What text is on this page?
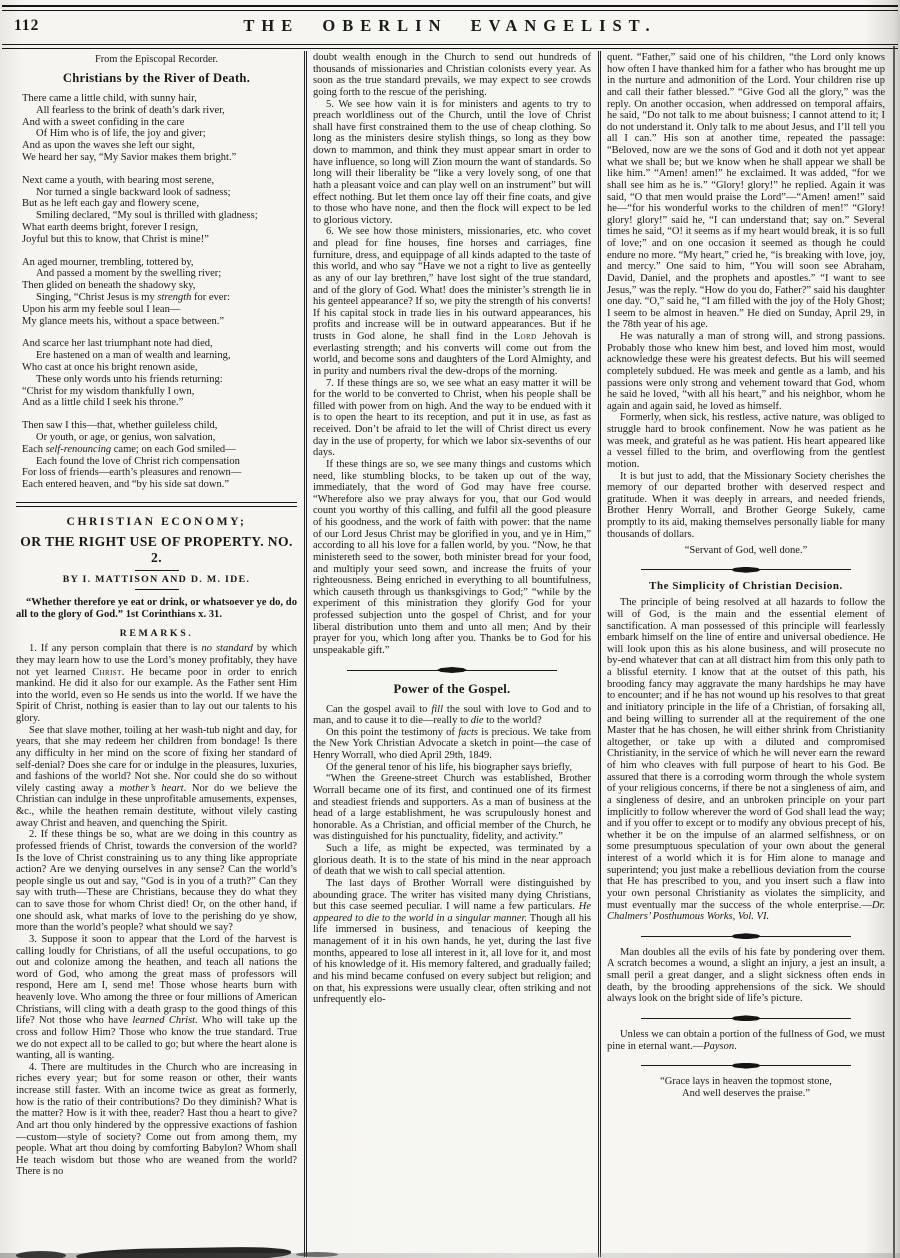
112	THE OBERLIN EVANGELIST.
From the Episcopal Recorder.
Christians by the River of Death.
There came a little child, with sunny hair,
All fearless to the brink of death’s dark river,
And with a sweet confiding in the care
Of Him who is of life, the joy and giver;
And as upon the waves she left our sight,
We heard her say, “My Savior makes them bright.”
Next came a youth, with bearing most serene,
Nor turned a single backward look of sadness;
But as he left each gay and flowery scene,
Smiling declared, “My soul is thrilled with gladness;
What earth deems bright, forever I resign,
Joyful but this to know, that Christ is mine!”
An aged mourner, trembling, tottered by,
And passed a moment by the swelling river;
Then glided on beneath the shadowy sky,
Singing, “Christ Jesus is my strength for ever:
Upon his arm my feeble soul I lean—
My glance meets his, without a space between.”
And scarce her last triumphant note had died,
Ere hastened on a man of wealth and learning,
Who cast at once his bright renown aside,
These only words unto his friends returning:
“Christ for my wisdom thankfully I own,
And as a little child I seek his throne.”
Then saw I this—that, whether guileless child,
Or youth, or age, or genius, won salvation,
Each self-renouncing came; on each God smiled—
Each found the love of Christ rich compensation
For loss of friends—earth’s pleasures and renown—
Each entered heaven, and “by his side sat down.”
CHRISTIAN ECONOMY;
OR THE RIGHT USE OF PROPERTY. NO. 2.
BY I. MATTISON AND D. M. IDE.
“Whether therefore ye eat or drink, or whatsoever ye do, do all to the glory of God.” 1st Corinthians x. 31.
REMARKS.
1. If any person complain that there is no standard by which they may learn how to use the Lord’s money profitably, they have not yet learned Christ. He became poor in order to enrich mankind. He did it also for our example. As the Father sent Him into the world, even so He sends us into the world. If we have the Spirit of Christ, nothing is easier than to lay out our talents to his glory.
See that slave mother, toiling at her wash-tub night and day, for years, that she may redeem her children from bondage! Is there any difficulty in her mind on the score of fixing her standard of self-denial? Does she care for or indulge in the pleasures, luxuries, and fashions of the world? Not she. Nor could she do so without vilely casting away a mother’s heart. Nor do we believe the Christian can indulge in these unprofitable amusements, expenses, &c., while the heathen remain destitute, without vilely casting away Christ and heaven, and quenching the Spirit.
2. If these things be so, what are we doing in this country as professed friends of Christ, towards the conversion of the world? Is the love of Christ constraining us to any thing like appropriate action? Are we denying ourselves in any sense? Can the world’s people single us out and say, “God is in you of a truth?” Can they say with truth—These are Christians, because they do what they can to save those for whom Christ died! Or, on the other hand, if one should ask, what marks of love to the perishing do ye show, more than the world’s people? what should we say?
3. Suppose it soon to appear that the Lord of the harvest is calling loudly for Christians, of all the useful occupations, to go out and colonize among the heathen, and teach all nations the word of God, who among the great mass of professors will respond, Here am I, send me! Those whose hearts burn with heavenly love. Who among the three or four millions of American Christians, will cling with a death grasp to the good things of this life? Not those who have learned Christ. Who will take up the cross and follow Him? Those who know the true standard. True we do not expect all to be called to go; but where the heart alone is wanting, all is wanting.
4. There are multitudes in the Church who are increasing in riches every year; but for some reason or other, their wants increase still faster. With an income twice as great as formerly, how is the ratio of their contributions? Do they diminish? What is the matter? How is it with thee, reader? Hast thou a heart to give? And art thou only hindered by the oppressive exactions of fashion—custom—style of society? Come out from among them, my people. What art thou doing by comforting Babylon? Whom shall He teach wisdom but those who are weaned from the world? There is no
doubt wealth enough in the Church to send out hundreds of thousands of missionaries and Christian colonists every year. As soon as the true standard prevails, we may expect to see crowds going forth to the rescue of the perishing.
5. We see how vain it is for ministers and agents to try to preach worldliness out of the Church, until the love of Christ shall have first constrained them to the use of cheap clothing. So long as the ministers desire stylish things, so long as they bow down to mammon, and think they must appear smart in order to have influence, so long will Zion mourn the want of standards. So long will their liberality be “like a very lovely song, of one that hath a pleasant voice and can play well on an instrument” but will effect nothing. But let them once lay off their fine coats, and give to those who have none, and then the flock will expect to be led to glorious victory.
6. We see how those ministers, missionaries, etc. who covet and plead for fine houses, fine horses and carriages, fine furniture, dress, and equippage of all kinds adapted to the taste of this world, and who say “Have we not a right to live as genteelly as any of our lay brethren,” have lost sight of the true standard, and of the glory of God. What! does the minister’s strength lie in his genteel appearance? If so, we pity the strength of his converts! If his capital stock in trade lies in his outward appearances, his profits and increase will be in outward appearances. But if he trusts in God alone, he shall find in the Lord Jehovah is everlasting strength; and his converts will come out from the world, and become sons and daughters of the Lord Almighty, and in purity and numbers rival the dew-drops of the morning.
7. If these things are so, we see what an easy matter it will be for the world to be converted to Christ, when his people shall be filled with power from on high. And the way to be endued with it is to open the heart to its reception, and put it in use, as fast as received. Don’t be afraid to let the will of Christ direct us every day in the use of property, for which we labor six-sevenths of our days.
If these things are so, we see many things and customs which need, like stumbling blocks, to be taken up out of the way, immediately, that the word of God may have free course. “Wherefore also we pray always for you, that our God would count you worthy of this calling, and fulfil all the good pleasure of his goodness, and the work of faith with power: that the name of our Lord Jesus Christ may be glorified in you, and ye in Him,” according to all his love for a fallen world, by you. “Now, he that ministereth seed to the sower, both minister bread for your food, and multiply your seed sown, and increase the fruits of your righteousness. Being enriched in everything to all bountifulness, which causeth through us thanksgivings to God;” “while by the experiment of this ministration they glorify God for your professed subjection unto the gospel of Christ, and for your liberal distribution unto them and unto all men; And by their prayer for you, which long after you. Thanks be to God for his unspeakable gift.”
Power of the Gospel.
Can the gospel avail to fill the soul with love to God and to man, and to cause it to die—really to die to the world?
On this point the testimony of facts is precious. We take from the New York Christian Advocate a sketch in point—the case of Henry Worrall, who died April 29th, 1849.
Of the general tenor of his life, his biographer says briefly,
“When the Greene-street Church was established, Brother Worrall became one of its first, and continued one of its firmest and steadiest friends and supporters. As a man of business at the head of a large establishment, he was scrupulously honest and honorable. As a Christian, and official member of the Church, he was distinguished for his punctuality, fidelity, and activity.”
Such a life, as might be expected, was terminated by a glorious death. It is to the state of his mind in the near approach of death that we wish to call special attention.
The last days of Brother Worrall were distinguished by abounding grace. The writer has visited many dying Christians, but this case seemed peculiar. I will name a few particulars. He appeared to die to the world in a singular manner. Though all his life immersed in business, and tenacious of keeping the management of it in his own hands, he yet, during the last five months, appeared to lose all interest in it, all love for it, and most of his knowledge of it. His memory faltered, and gradually failed; and his mind became confused on every subject but religion; and on that, his expressions were usually clear, often striking and not unfrequently elo-
quent. “Father,” said one of his children, “the Lord only knows how often I have thanked him for a father who has brought me up in the nurture and admonition of the Lord. Your children rise up and call their father blessed.” “Give God all the glory,” was the reply. On another occasion, when addressed on temporal affairs, he said, “Do not talk to me about buisness; I cannot attend to it; I do not understand it. Only talk to me about Jesus, and I’ll tell you all I can.” His son at another time, repeated the passage: “Beloved, now are we the sons of God and it doth not yet appear what we shall be; but we know when he shall appear we shall be like him.” “Amen! amen!” he exclaimed. It was added, “for we shall see him as he is.” “Glory! glory!” he replied. Again it was said, “O that men would praise the Lord”—“Amen! amen!” said he—“for his wonderful works to the children of men!” “Glory! glory! glory!” said he, “I can understand that; say on.” Several times he said, “O! it seems as if my heart would break, it is so full of love;” and on one occasion it seemed as though he could endure no more. “My heart,” cried he, “is breaking with love, joy, and mercy.” One said to him, “You will soon see Abraham, David, Daniel, and the prophets and apostles.” “I want to see Jesus,” was the reply. “How do you do, Father?” said his daughter one day. “O,” said he, “I am filled with the joy of the Holy Ghost; I seem to be almost in heaven.” He died on Sunday, April 29, in the 78th year of his age.
He was naturally a man of strong will, and strong passions. Probably those who knew him best, and loved him most, would acknowledge these were his greatest defects. But his will seemed completely subdued. He was meek and gentle as a lamb, and his passions were only strong and vehement toward that God, whom he said he loved, “with all his heart,” and his neighbor, whom he again and again said, he loved as himself.
Formerly, when sick, his restless, active nature, was obliged to struggle hard to brook confinement. Now he was patient as he was meek, and grateful as he was patient. His heart appeared like a vessel filled to the brim, and overflowing from the gentlest motion.
It is but just to add, that the Missionary Society cherishes the memory of our departed brother with deserved respect and gratitude. When it was deeply in arrears, and needed friends, Brother Henry Worrall, and Brother George Sukely, came promptly to its aid, making themselves personally liable for many thousands of dollars.
“Servant of God, well done.”
The Simplicity of Christian Decision.
The principle of being resolved at all hazards to follow the will of God, is the main and the essential element of sanctification. A man possessed of this principle will fearlessly embark himself on the line of entire and universal obedience. He will look upon this as his alone business, and will prosecute no by-end whatever that can at all distract him from this only path to a blissful eternity. I know that at the outset of this path, his brooding fancy may aggravate the many hardships he may have to encounter; and if he has not wound up his resolves to that great and initiatory principle in the life of a Christian, of forsaking all, and being willing to surrender all at the requirement of the one Master that he has chosen, he will either shrink from Christianity altogether, or take up with a diluted and compromised Christianity, in the service of which he will never earn the reward of him who cleaves with full purpose of heart to his God. Be assured that there is a corroding worm through the whole system of your religious concerns, if there be not a singleness of aim, and a singleness of desire, and an unbroken principle on your part implicitly to follow wherever the word of God shall lead the way; and if you offer to except or to modify any obvious precept of his, whether it be on the impulse of an alarmed selfishness, or on some presumptuous speculation of your own about the general interest of a world which it is for Him alone to manage and superintend; you just make a rebellious deviation from the course that He has prescribed to you, and you insert such a flaw into your own personal Christianity as violates the simplicity, and must eventually mar the success of the whole enterprise.—Dr. Chalmers’ Posthumous Works, Vol. VI.
Man doubles all the evils of his fate by pondering over them. A scratch becomes a wound, a slight an injury, a jest an insult, a small peril a great danger, and a slight sickness often ends in death, by the brooding apprehensions of the sick. We should always look on the bright side of life’s picture.
Unless we can obtain a portion of the fullness of God, we must pine in eternal want.—Payson.
“Grace lays in heaven the topmost stone,
And well deserves the praise.”
